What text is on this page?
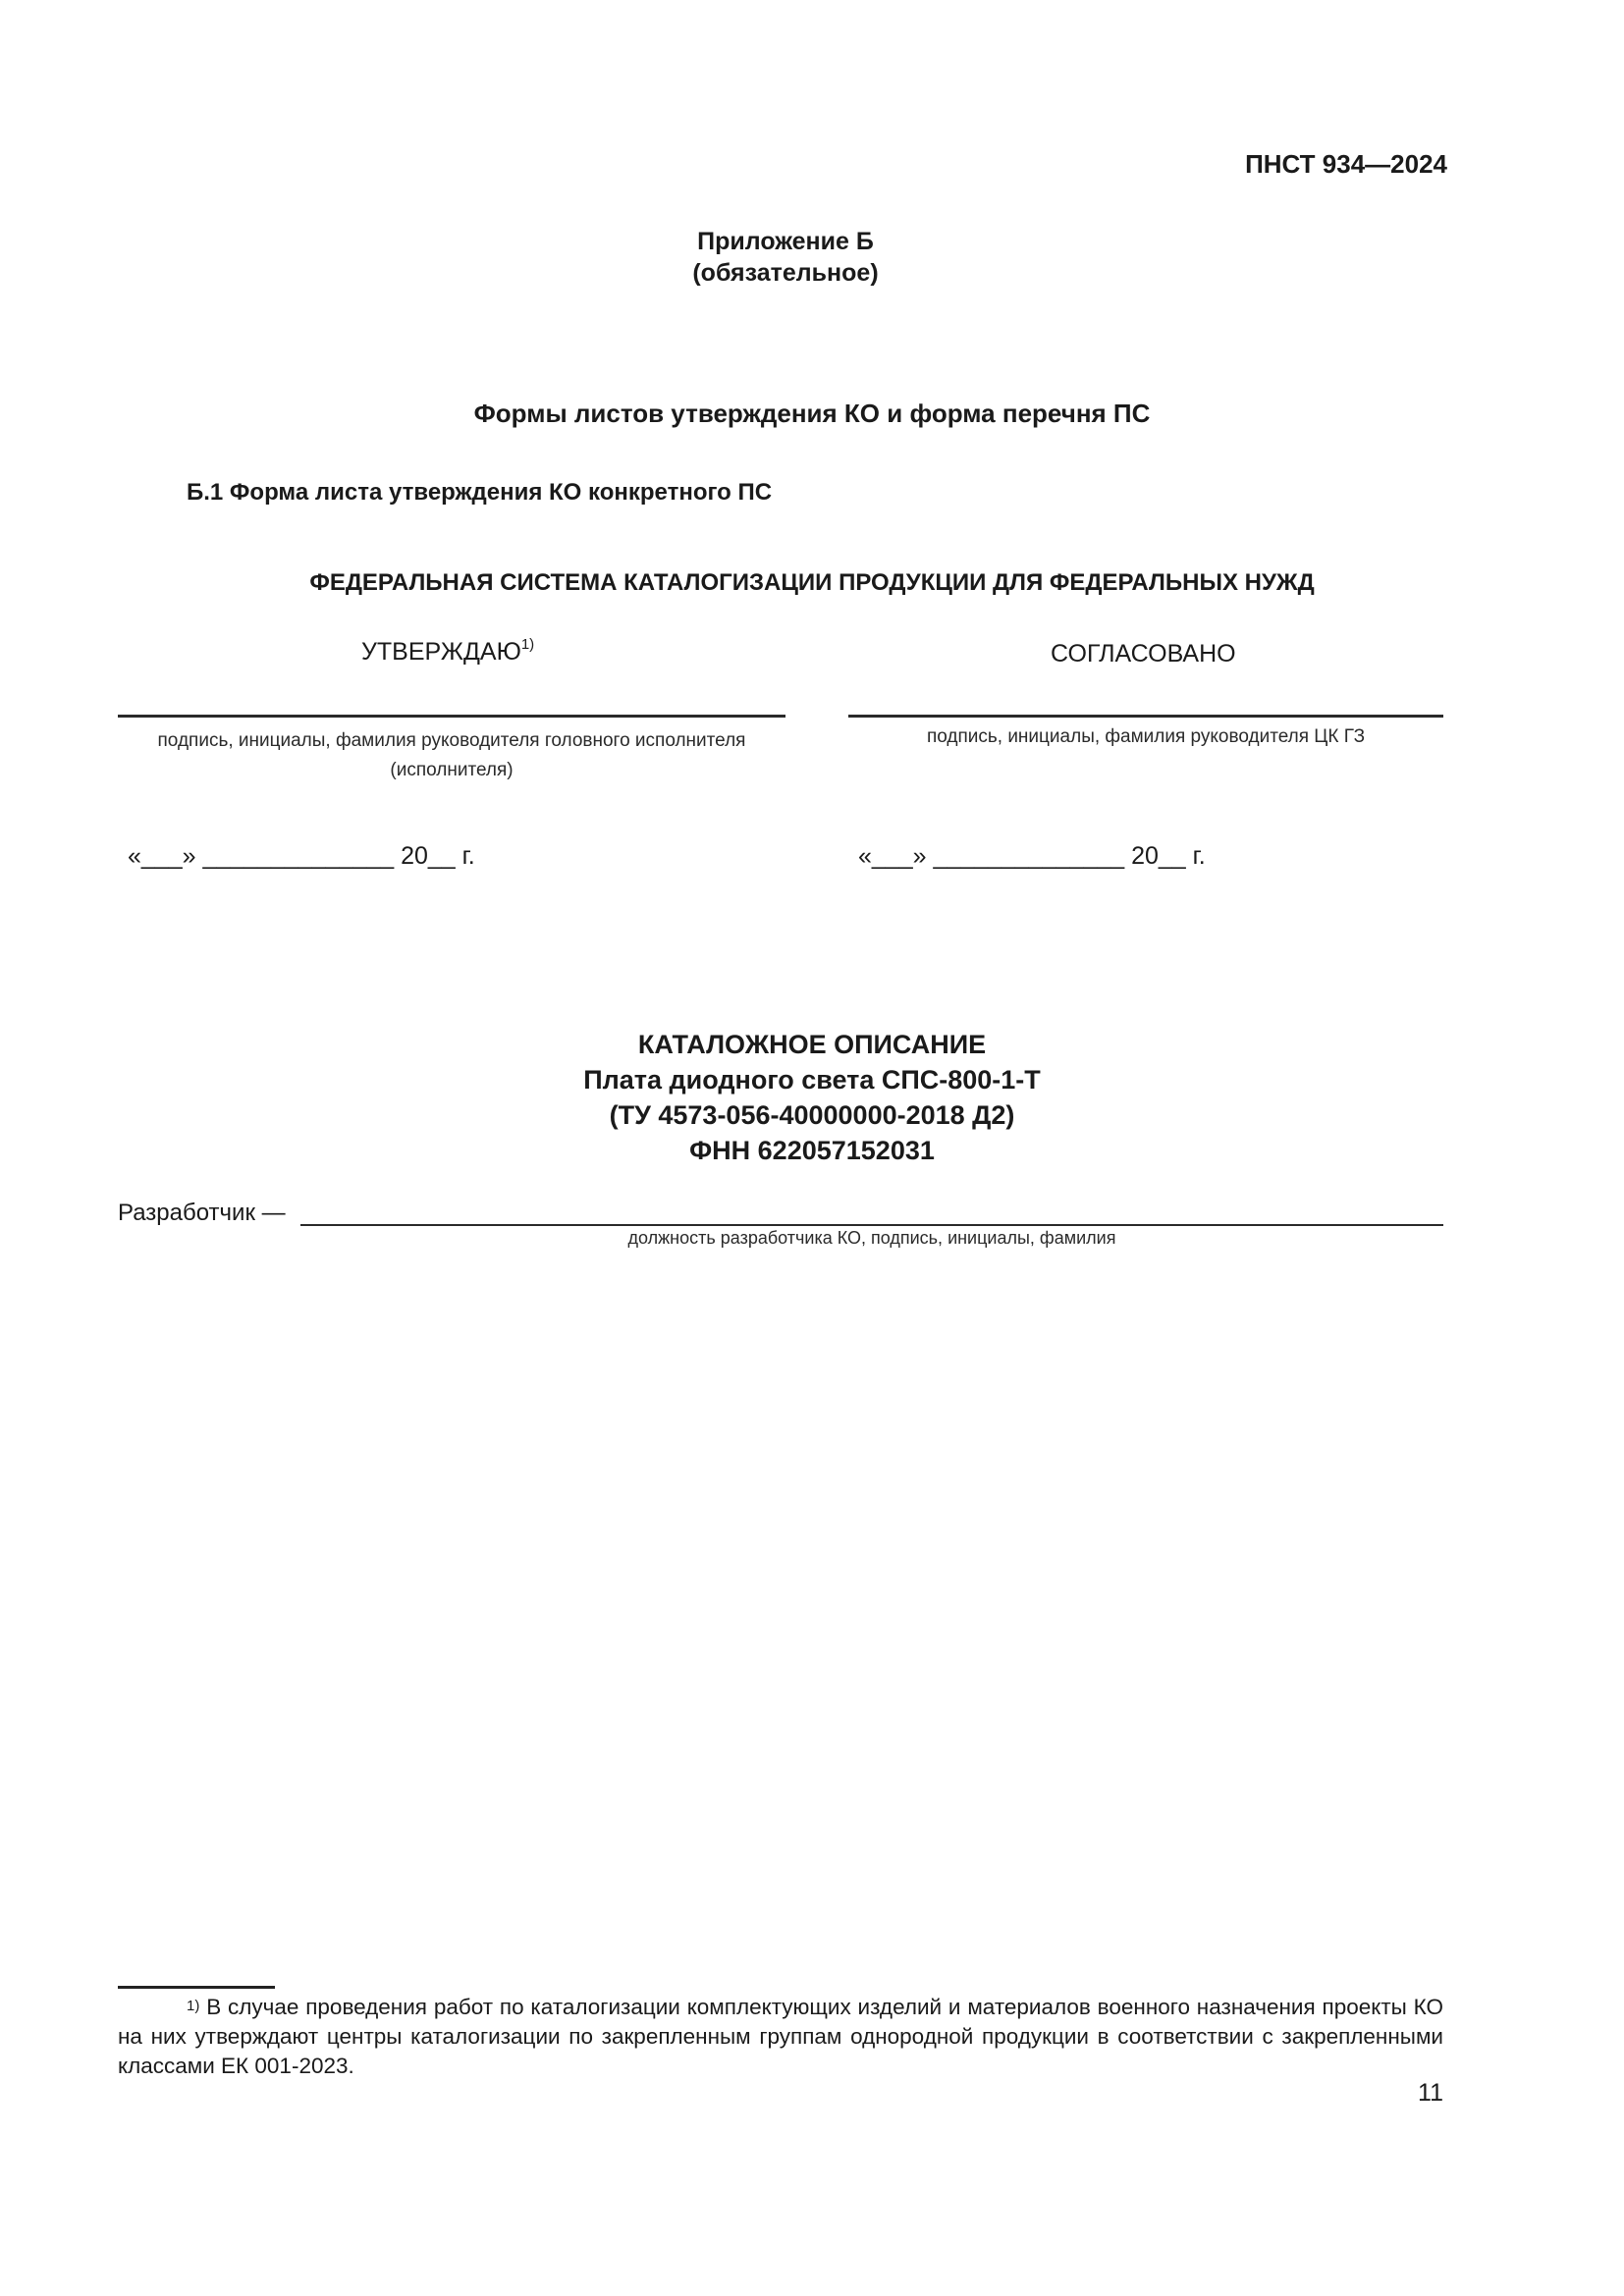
ПНСТ 934—2024
Приложение Б
(обязательное)
Формы листов утверждения КО и форма перечня ПС
Б.1 Форма листа утверждения КО конкретного ПС
ФЕДЕРАЛЬНАЯ СИСТЕМА КАТАЛОГИЗАЦИИ ПРОДУКЦИИ ДЛЯ ФЕДЕРАЛЬНЫХ НУЖД
УТВЕРЖДАЮ$^{1)}$	СОГЛАСОВАНО
подпись, инициалы, фамилия руководителя головного исполнителя
(исполнителя)
подпись, инициалы, фамилия руководителя ЦК ГЗ
«___» ______________ 20__ г.	«___» ______________ 20__ г.
КАТАЛОЖНОЕ ОПИСАНИЕ
Плата диодного света СПС-800-1-Т
(ТУ 4573-056-40000000-2018 Д2)
ФНН 622057152031
Разработчик —
должность разработчика КО, подпись, инициалы, фамилия
$^{1)}$ В случае проведения работ по каталогизации комплектующих изделий и материалов военного назначения проекты КО на них утверждают центры каталогизации по закрепленным группам однородной продукции в соответствии с закрепленными классами ЕК 001-2023.
11
